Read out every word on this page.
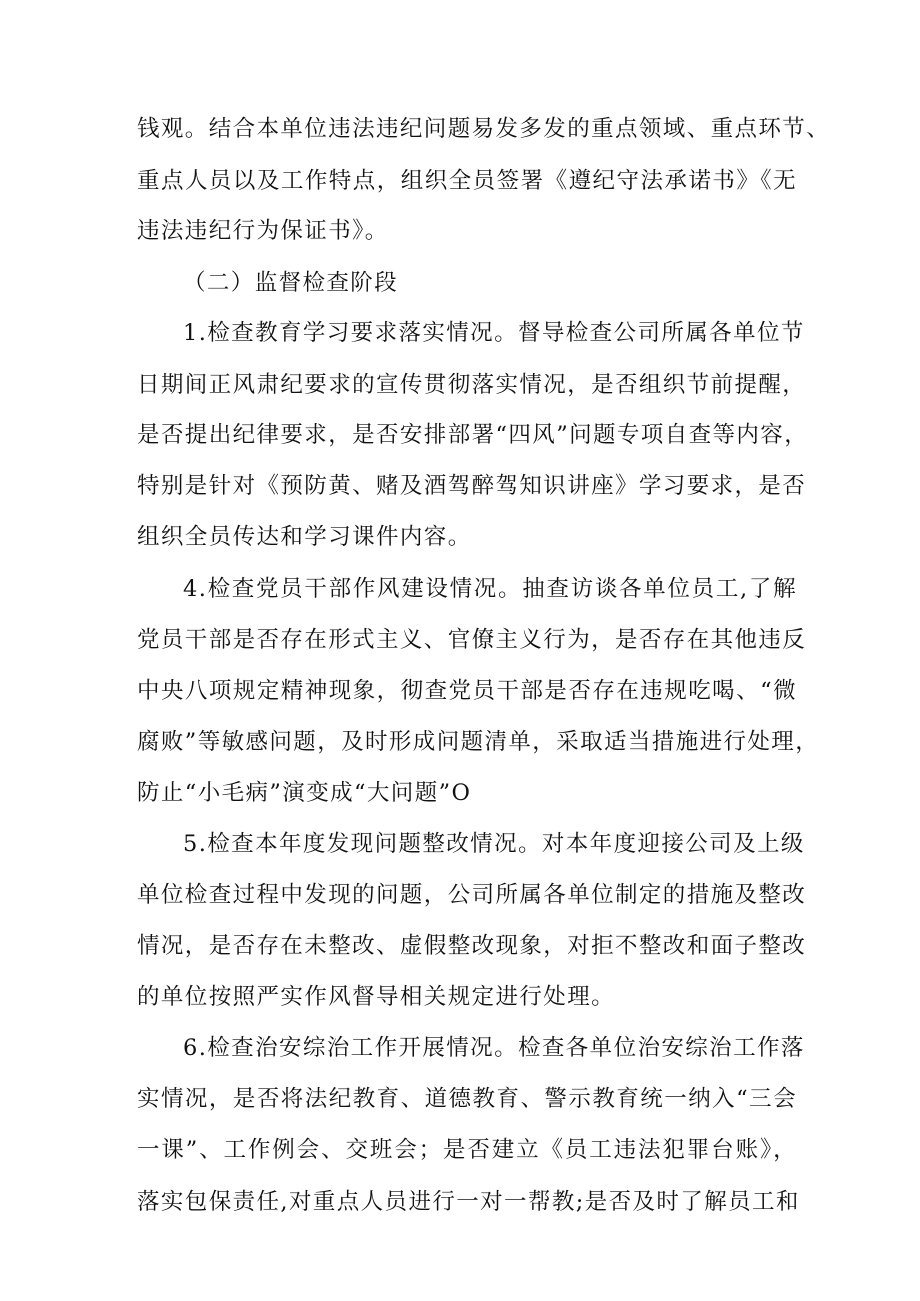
钱观。结合本单位违法违纪问题易发多发的重点领域、重点环节、
重点人员以及工作特点，组织全员签署《遵纪守法承诺书》《无
违法违纪行为保证书》。
（二）监督检查阶段
1.检查教育学习要求落实情况。督导检查公司所属各单位节
日期间正风肃纪要求的宣传贯彻落实情况，是否组织节前提醒，
是否提出纪律要求，是否安排部署“四风”问题专项自查等内容，
特别是针对《预防黄、赌及酒驾醉驾知识讲座》学习要求，是否
组织全员传达和学习课件内容。
4.检查党员干部作风建设情况。抽查访谈各单位员工,了解
党员干部是否存在形式主义、官僚主义行为，是否存在其他违反
中央八项规定精神现象，彻查党员干部是否存在违规吃喝、“微
腐败”等敏感问题，及时形成问题清单，采取适当措施进行处理，
防止“小毛病”演变成“大问题”O
5.检查本年度发现问题整改情况。对本年度迎接公司及上级
单位检查过程中发现的问题，公司所属各单位制定的措施及整改
情况，是否存在未整改、虚假整改现象，对拒不整改和面子整改
的单位按照严实作风督导相关规定进行处理。
6.检查治安综治工作开展情况。检查各单位治安综治工作落
实情况，是否将法纪教育、道德教育、警示教育统一纳入“三会
一课”、工作例会、交班会；是否建立《员工违法犯罪台账》，
落实包保责任,对重点人员进行一对一帮教;是否及时了解员工和
